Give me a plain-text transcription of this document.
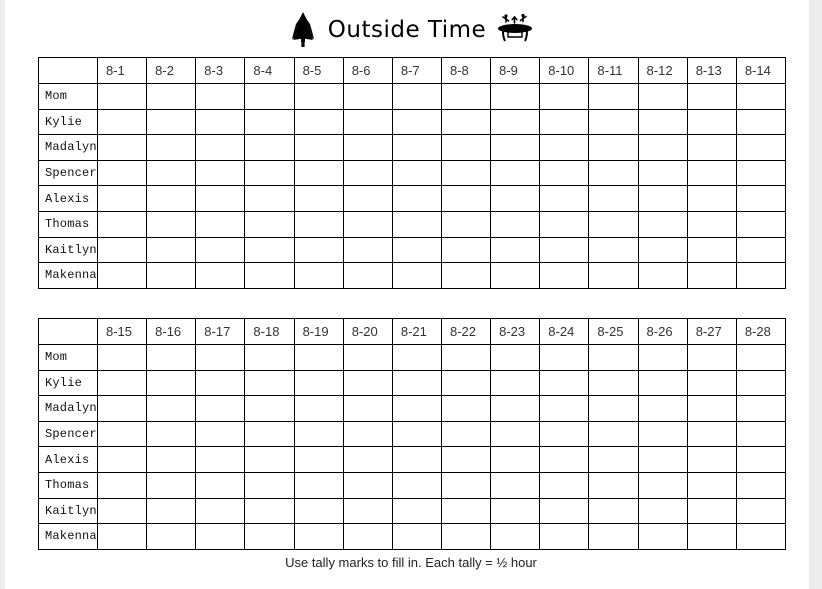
Outside Time
	8-1	8-2	8-3	8-4	8-5	8-6	8-7	8-8	8-9	8-10	8-11	8-12	8-13	8-14
Mom														
Kylie														
Madalyn														
Spencer														
Alexis														
Thomas														
Kaitlyn														
Makenna														
	8-15	8-16	8-17	8-18	8-19	8-20	8-21	8-22	8-23	8-24	8-25	8-26	8-27	8-28
Mom														
Kylie														
Madalyn														
Spencer														
Alexis														
Thomas														
Kaitlyn														
Makenna														
Use tally marks to fill in. Each tally = ½ hour
